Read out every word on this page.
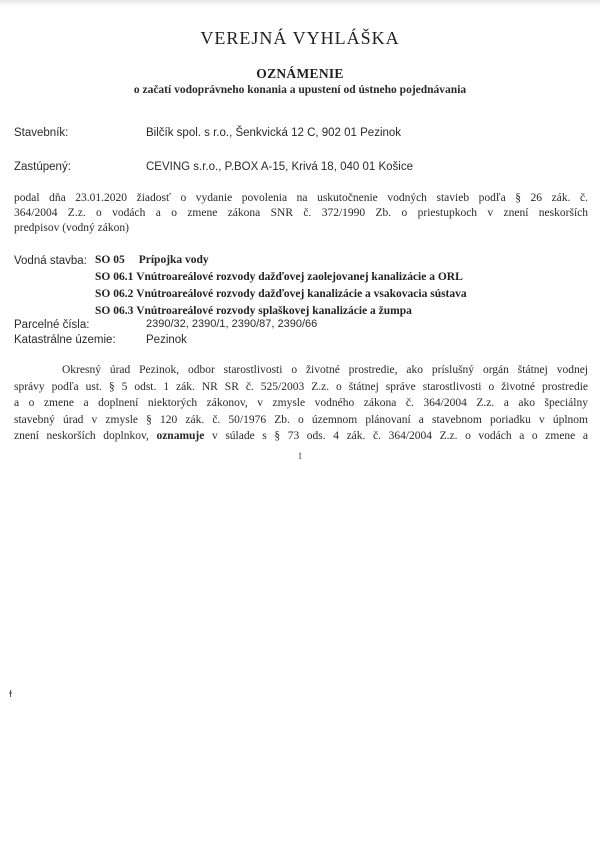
VEREJNÁ VYHLÁŠKA
OZNÁMENIE
o začatí vodoprávneho konania a upustení od ústneho pojednávania
Stavebník:	Bilčík spol. s r.o., Šenkvická 12 C, 902 01 Pezinok
Zastúpený:	CEVING s.r.o., P.BOX A-15, Krivá 18, 040 01 Košice
podal dňa 23.01.2020 žiadosť o vydanie povolenia na uskutočnenie vodných stavieb podľa § 26 zák. č.
364/2004 Z.z. o vodách a o zmene zákona SNR č. 372/1990 Zb. o priestupkoch v znení neskorších
predpisov (vodný zákon)
Vodná stavba: SO 05 Prípojka vody
SO 06.1 Vnútroareálové rozvody dažďovej zaolejovanej kanalizácie a ORL
SO 06.2 Vnútroareálové rozvody dažďovej kanalizácie a vsakovacia sústava
SO 06.3 Vnútroareálové rozvody splaškovej kanalizácie a žumpa
Parcelné čísla:	2390/32, 2390/1, 2390/87, 2390/66
Katastrálne územie:	Pezinok
Okresný úrad Pezinok, odbor starostlivosti o životné prostredie, ako príslušný orgán štátnej vodnej
správy podľa ust. § 5 odst. 1 zák. NR SR č. 525/2003 Z.z. o štátnej správe starostlivosti o životné prostredie
a o zmene a doplnení niektorých zákonov, v zmysle vodného zákona č. 364/2004 Z.z. a ako špeciálny
stavebný úrad v zmysle § 120 zák. č. 50/1976 Zb. o územnom plánovaní a stavebnom poriadku v úplnom
znení neskorších doplnkov, oznamuje v súlade s § 73 ods. 4 zák. č. 364/2004 Z.z. o vodách a o zmene a
1
